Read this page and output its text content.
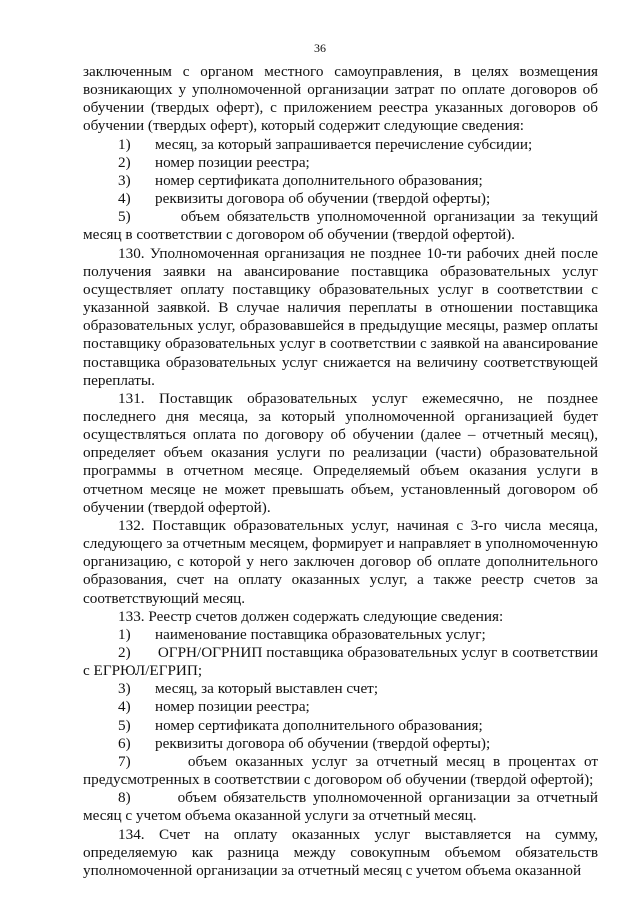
36

заключенным с органом местного самоуправления, в целях возмещения возникающих у уполномоченной организации затрат по оплате договоров об обучении (твердых оферт), с приложением реестра указанных договоров об обучении (твердых оферт), который содержит следующие сведения:

1) месяц, за который запрашивается перечисление субсидии;
2) номер позиции реестра;
3) номер сертификата дополнительного образования;
4) реквизиты договора об обучении (твердой оферты);
5)	объем обязательств уполномоченной организации за текущий месяц в соответствии с договором об обучении (твердой офертой).

130. Уполномоченная организация не позднее 10-ти рабочих дней после получения заявки на авансирование поставщика образовательных услуг осуществляет оплату поставщику образовательных услуг в соответствии с указанной заявкой. В случае наличия переплаты в отношении поставщика образовательных услуг, образовавшейся в предыдущие месяцы, размер оплаты поставщику образовательных услуг в соответствии с заявкой на авансирование поставщика образовательных услуг снижается на величину соответствующей переплаты.

131. Поставщик образовательных услуг ежемесячно, не позднее последнего дня месяца, за который уполномоченной организацией будет осуществляться оплата по договору об обучении (далее – отчетный месяц), определяет объем оказания услуги по реализации (части) образовательной программы в отчетном месяце. Определяемый объем оказания услуги в отчетном месяце не может превышать объем, установленный договором об обучении (твердой офертой).

132. Поставщик образовательных услуг, начиная с 3-го числа месяца, следующего за отчетным месяцем, формирует и направляет в уполномоченную организацию, с которой у него заключен договор об оплате дополнительного образования, счет на оплату оказанных услуг, а также реестр счетов за соответствующий месяц.

133. Реестр счетов должен содержать следующие сведения:

1) наименование поставщика образовательных услуг;
2) ОГРН/ОГРНИП поставщика образовательных услуг в соответствии с ЕГРЮЛ/ЕГРИП;
3) месяц, за который выставлен счет;
4) номер позиции реестра;
5) номер сертификата дополнительного образования;
6) реквизиты договора об обучении (твердой оферты);
7)	объем оказанных услуг за отчетный месяц в процентах от предусмотренных в соответствии с договором об обучении (твердой офертой);
8)	объем обязательств уполномоченной организации за отчетный месяц с учетом объема оказанной услуги за отчетный месяц.

134. Счет на оплату оказанных услуг выставляется на сумму, определяемую как разница между совокупным объемом обязательств уполномоченной организации за отчетный месяц с учетом объема оказанной
